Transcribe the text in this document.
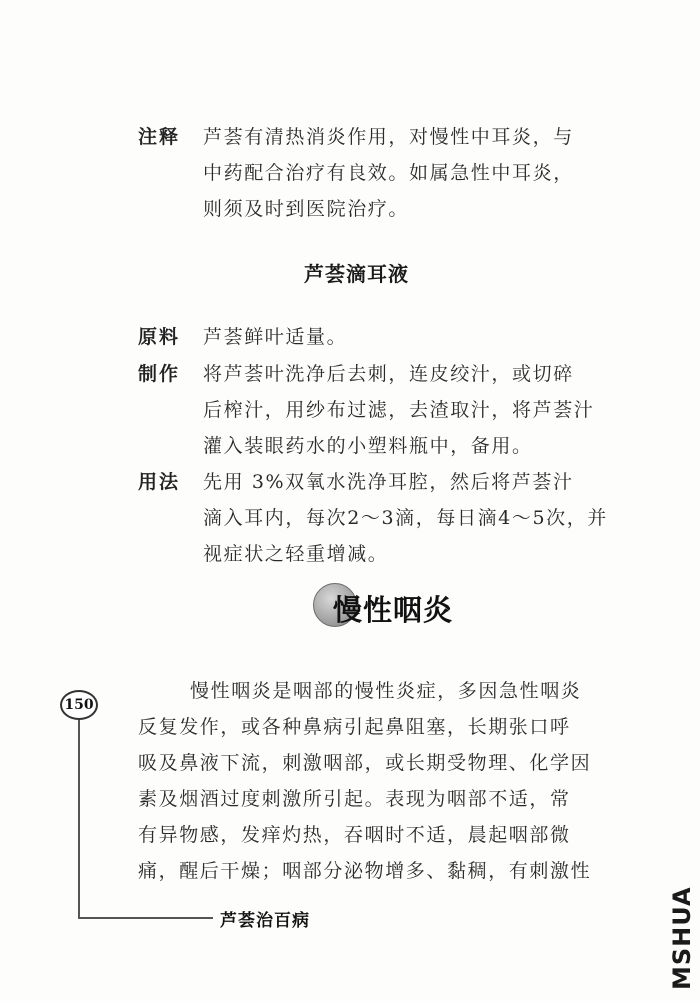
注释 芦荟有清热消炎作用，对慢性中耳炎，与
中药配合治疗有良效。如属急性中耳炎，
则须及时到医院治疗。
芦荟滴耳液
原料 芦荟鲜叶适量。
制作 将芦荟叶洗净后去刺，连皮绞汁，或切碎
后榨汁，用纱布过滤，去渣取汁，将芦荟汁
灌入装眼药水的小塑料瓶中，备用。
用法 先用 3%双氧水洗净耳腔，然后将芦荟汁
滴入耳内，每次2～3滴，每日滴4～5次，并
视症状之轻重增减。
慢性咽炎
慢性咽炎是咽部的慢性炎症，多因急性咽炎
反复发作，或各种鼻病引起鼻阻塞，长期张口呼
吸及鼻液下流，刺激咽部，或长期受物理、化学因
素及烟酒过度刺激所引起。表现为咽部不适，常
有异物感，发痒灼热，吞咽时不适，晨起咽部微
痛，醒后干燥；咽部分泌物增多、黏稠，有刺激性
150
芦荟治百病	MSHUA
